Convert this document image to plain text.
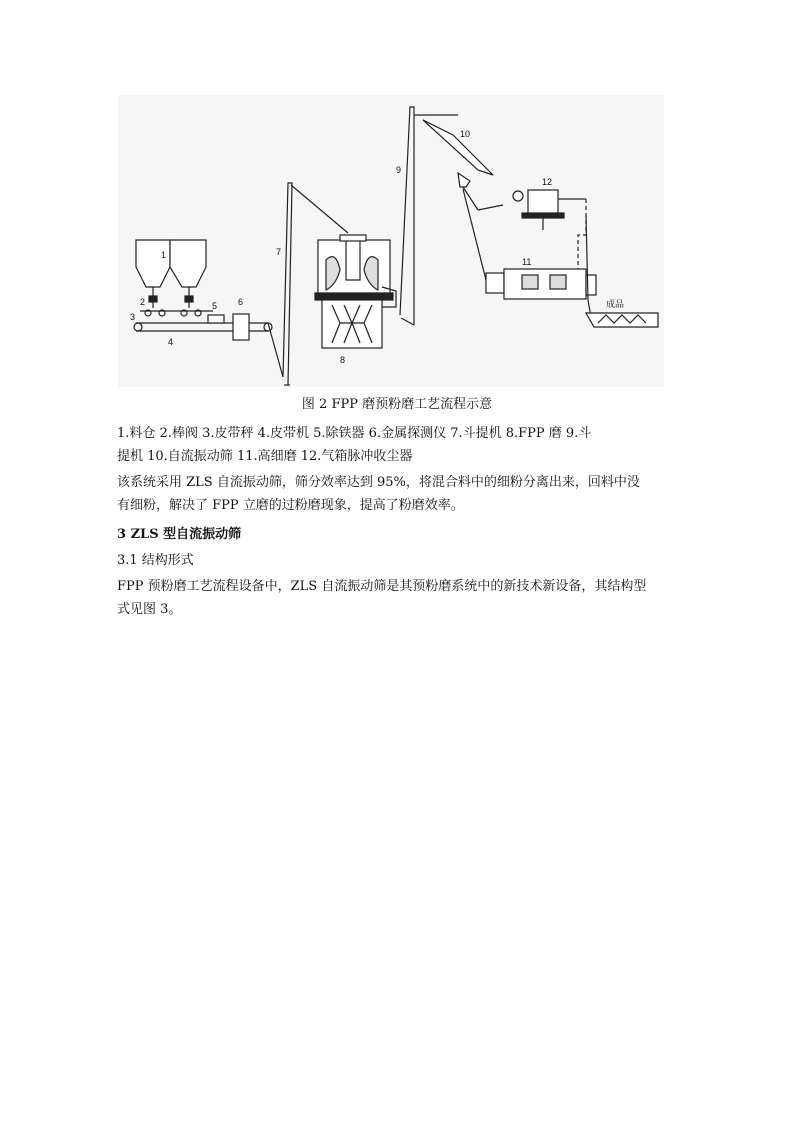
1
2
3
4
5 6
7
8
9
10
11
12
成品
图 2 FPP 磨预粉磨工艺流程示意
1.料仓 2.棒阀 3.皮带秤 4.皮带机 5.除铁器 6.金属探测仪 7.斗提机 8.FPP 磨 9.斗
提机 10.自流振动筛 11.高细磨 12.气箱脉冲收尘器
该系统采用 ZLS 自流振动筛，筛分效率达到 95%，将混合料中的细粉分离出来，回料中没
有细粉，解决了 FPP 立磨的过粉磨现象，提高了粉磨效率。
3 ZLS 型自流振动筛
3.1 结构形式
FPP 预粉磨工艺流程设备中，ZLS 自流振动筛是其预粉磨系统中的新技术新设备，其结构型
式见图 3。
